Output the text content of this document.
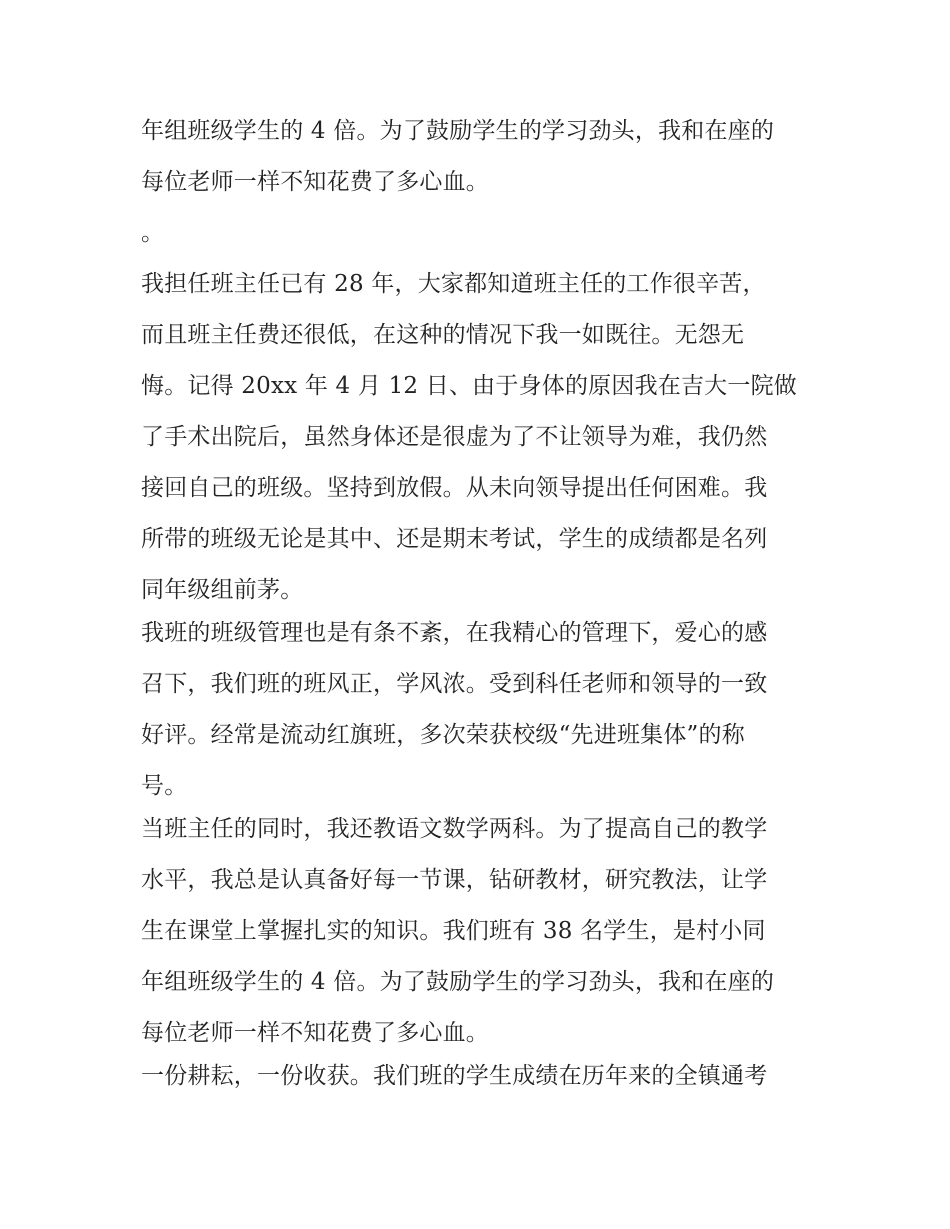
年组班级学生的 4 倍。为了鼓励学生的学习劲头，我和在座的
每位老师一样不知花费了多心血。
。
我担任班主任已有 28 年，大家都知道班主任的工作很辛苦，
而且班主任费还很低，在这种的情况下我一如既往。无怨无
悔。记得 20xx 年 4 月 12 日、由于身体的原因我在吉大一院做
了手术出院后，虽然身体还是很虚为了不让领导为难，我仍然
接回自己的班级。坚持到放假。从未向领导提出任何困难。我
所带的班级无论是其中、还是期末考试，学生的成绩都是名列
同年级组前茅。
我班的班级管理也是有条不紊，在我精心的管理下，爱心的感
召下，我们班的班风正，学风浓。受到科任老师和领导的一致
好评。经常是流动红旗班，多次荣获校级“先进班集体”的称
号。
当班主任的同时，我还教语文数学两科。为了提高自己的教学
水平，我总是认真备好每一节课，钻研教材，研究教法，让学
生在课堂上掌握扎实的知识。我们班有 38 名学生，是村小同
年组班级学生的 4 倍。为了鼓励学生的学习劲头，我和在座的
每位老师一样不知花费了多心血。
一份耕耘，一份收获。我们班的学生成绩在历年来的全镇通考
